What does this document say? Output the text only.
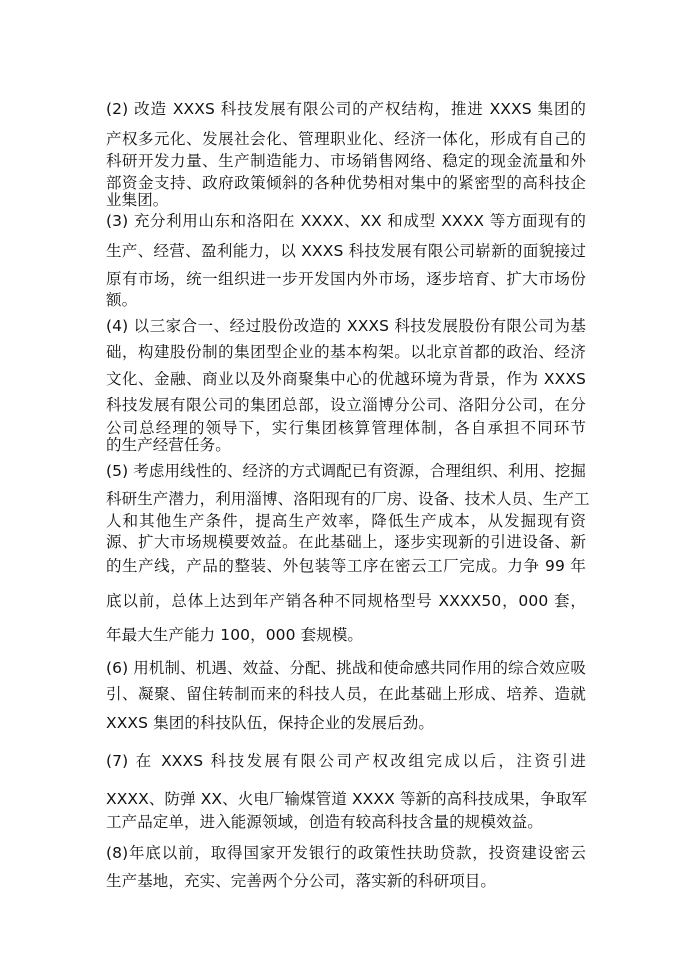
(2) 改造 XXXS 科技发展有限公司的产权结构，推进 XXXS 集团的
产权多元化、发展社会化、管理职业化、经济一体化，形成有自己的
科研开发力量、生产制造能力、市场销售网络、稳定的现金流量和外
部资金支持、政府政策倾斜的各种优势相对集中的紧密型的高科技企
业集团。
(3) 充分利用山东和洛阳在 XXXX、XX 和成型 XXXX 等方面现有的
生产、经营、盈利能力，以 XXXS 科技发展有限公司崭新的面貌接过
原有市场，统一组织进一步开发国内外市场，逐步培育、扩大市场份
额。
(4) 以三家合一、经过股份改造的 XXXS 科技发展股份有限公司为基
础，构建股份制的集团型企业的基本构架。以北京首都的政治、经济
文化、金融、商业以及外商聚集中心的优越环境为背景，作为 XXXS
科技发展有限公司的集团总部，设立淄博分公司、洛阳分公司，在分
公司总经理的领导下，实行集团核算管理体制，各自承担不同环节
的生产经营任务。
(5) 考虑用线性的、经济的方式调配已有资源，合理组织、利用、挖掘
科研生产潜力，利用淄博、洛阳现有的厂房、设备、技术人员、生产工
人和其他生产条件，提高生产效率，降低生产成本，从发掘现有资
源、扩大市场规模要效益。在此基础上，逐步实现新的引进设备、新
的生产线，产品的整装、外包装等工序在密云工厂完成。力争 99 年
底以前，总体上达到年产销各种不同规格型号 XXXX50，000 套，
年最大生产能力 100，000 套规模。
(6) 用机制、机遇、效益、分配、挑战和使命感共同作用的综合效应吸
引、凝聚、留住转制而来的科技人员，在此基础上形成、培养、造就
XXXS 集团的科技队伍，保持企业的发展后劲。
(7) 在 XXXS 科技发展有限公司产权改组完成以后，注资引进
XXXX、防弹 XX、火电厂输煤管道 XXXX 等新的高科技成果，争取军
工产品定单，进入能源领域，创造有较高科技含量的规模效益。
(8)年底以前，取得国家开发银行的政策性扶助贷款，投资建设密云
生产基地，充实、完善两个分公司，落实新的科研项目。
